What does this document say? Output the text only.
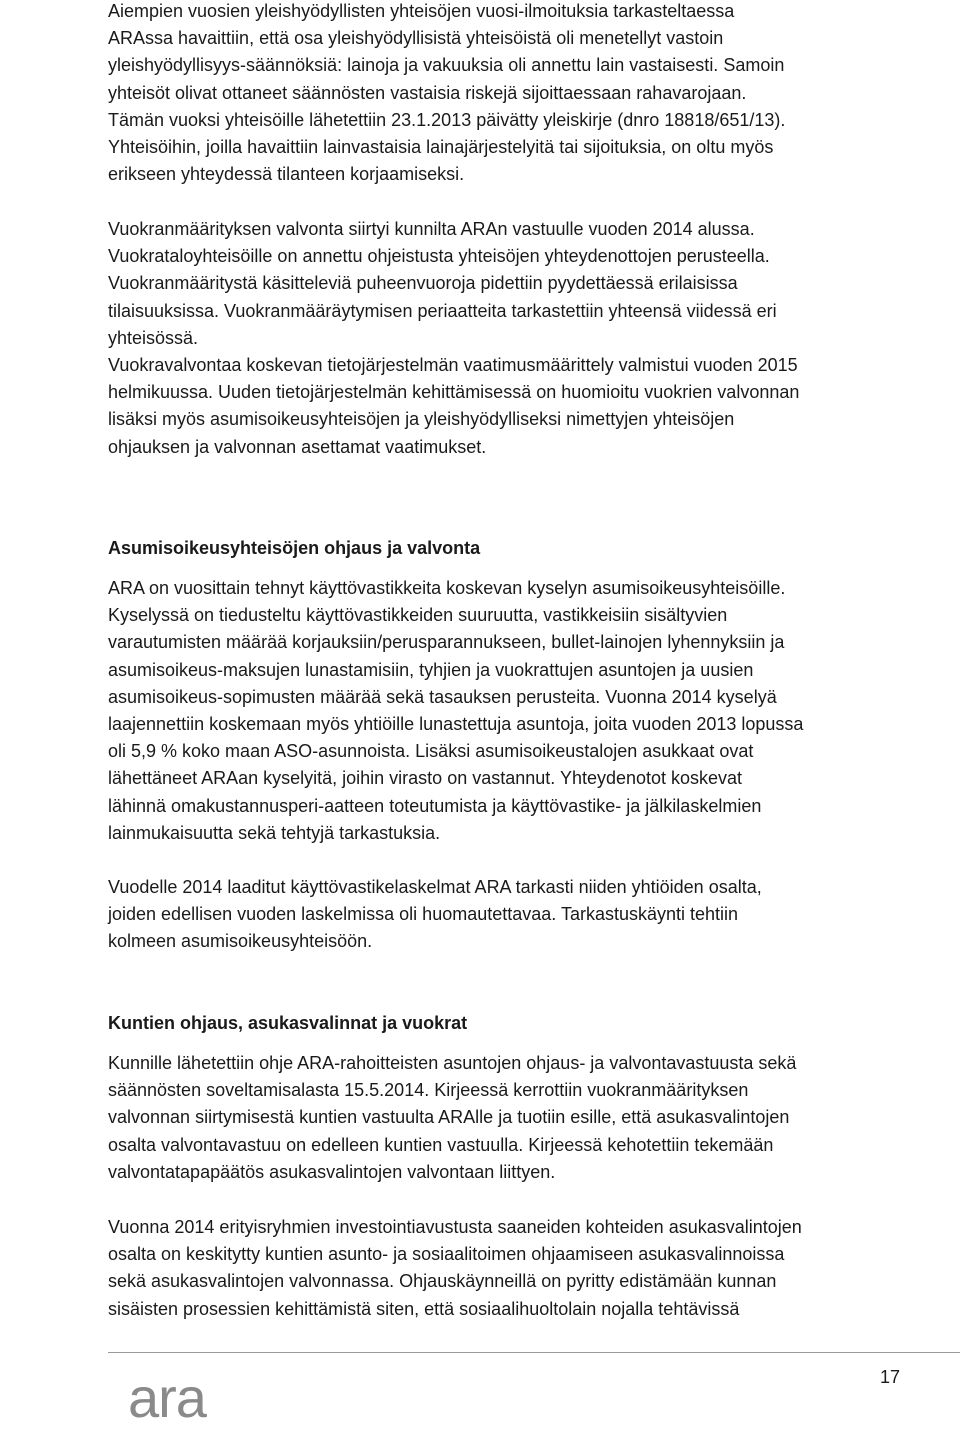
Aiempien vuosien yleishyödyllisten yhteisöjen vuosi-ilmoituksia tarkasteltaessa
ARAssa havaittiin, että osa yleishyödyllisistä yhteisöistä oli menetellyt vastoin
yleishyödyllisyys-säännöksiä: lainoja ja vakuuksia oli annettu lain vastaisesti. Samoin
yhteisöt olivat ottaneet säännösten vastaisia riskejä sijoittaessaan rahavarojaan.
Tämän vuoksi yhteisöille lähetettiin 23.1.2013 päivätty yleiskirje (dnro 18818/651/13).
Yhteisöihin, joilla havaittiin lainvastaisia lainajärjestelyitä tai sijoituksia, on oltu myös
erikseen yhteydessä tilanteen korjaamiseksi.
Vuokranmäärityksen valvonta siirtyi kunnilta ARAn vastuulle vuoden 2014 alussa.
Vuokrataloyhteisöille on annettu ohjeistusta yhteisöjen yhteydenottojen perusteella.
Vuokranmääritystä käsitteleviä puheenvuoroja pidettiin pyydettäessä erilaisissa
tilaisuuksissa. Vuokranmääräytymisen periaatteita tarkastettiin yhteensä viidessä eri
yhteisössä.
Vuokravalvontaa koskevan tietojärjestelmän vaatimusmäärittely valmistui vuoden 2015
helmikuussa. Uuden tietojärjestelmän kehittämisessä on huomioitu vuokrien valvonnan
lisäksi myös asumisoikeusyhteisöjen ja yleishyödylliseksi nimettyjen yhteisöjen
ohjauksen ja valvonnan asettamat vaatimukset.
Asumisoikeusyhteisöjen ohjaus ja valvonta
ARA on vuosittain tehnyt käyttövastikkeita koskevan kyselyn asumisoikeusyhteisöille.
Kyselyssä on tiedusteltu käyttövastikkeiden suuruutta, vastikkeisiin sisältyvien
varautumisten määrää korjauksiin/perusparannukseen, bullet-lainojen lyhennyksiin ja
asumisoikeus-maksujen lunastamisiin, tyhjien ja vuokrattujen asuntojen ja uusien
asumisoikeus-sopimusten määrää sekä tasauksen perusteita. Vuonna 2014 kyselyä
laajennettiin koskemaan myös yhtiöille lunastettuja asuntoja, joita vuoden 2013 lopussa
oli 5,9 % koko maan ASO-asunnoista. Lisäksi asumisoikeustalojen asukkaat ovat
lähettäneet ARAan kyselyitä, joihin virasto on vastannut. Yhteydenotot koskevat
lähinnä omakustannusperi-aatteen toteutumista ja käyttövastike- ja jälkilaskelmien
lainmukaisuutta sekä tehtyjä tarkastuksia.
Vuodelle 2014 laaditut käyttövastikelaskelmat ARA tarkasti niiden yhtiöiden osalta,
joiden edellisen vuoden laskelmissa oli huomautettavaa. Tarkastuskäynti tehtiin
kolmeen asumisoikeusyhteisöön.
Kuntien ohjaus, asukasvalinnat ja vuokrat
Kunnille lähetettiin ohje ARA-rahoitteisten asuntojen ohjaus- ja valvontavastuusta sekä
säännösten soveltamisalasta 15.5.2014. Kirjeessä kerrottiin vuokranmäärityksen
valvonnan siirtymisestä kuntien vastuulta ARAlle ja tuotiin esille, että asukasvalintojen
osalta valvontavastuu on edelleen kuntien vastuulla. Kirjeessä kehotettiin tekemään
valvontatapapäätös asukasvalintojen valvontaan liittyen.
Vuonna 2014 erityisryhmien investointiavustusta saaneiden kohteiden asukasvalintojen
osalta on keskitytty kuntien asunto- ja sosiaalitoimen ohjaamiseen asukasvalinnoissa
sekä asukasvalintojen valvonnassa. Ohjauskäynneillä on pyritty edistämään kunnan
sisäisten prosessien kehittämistä siten, että sosiaalihuoltolain nojalla tehtävissä
17
ara
